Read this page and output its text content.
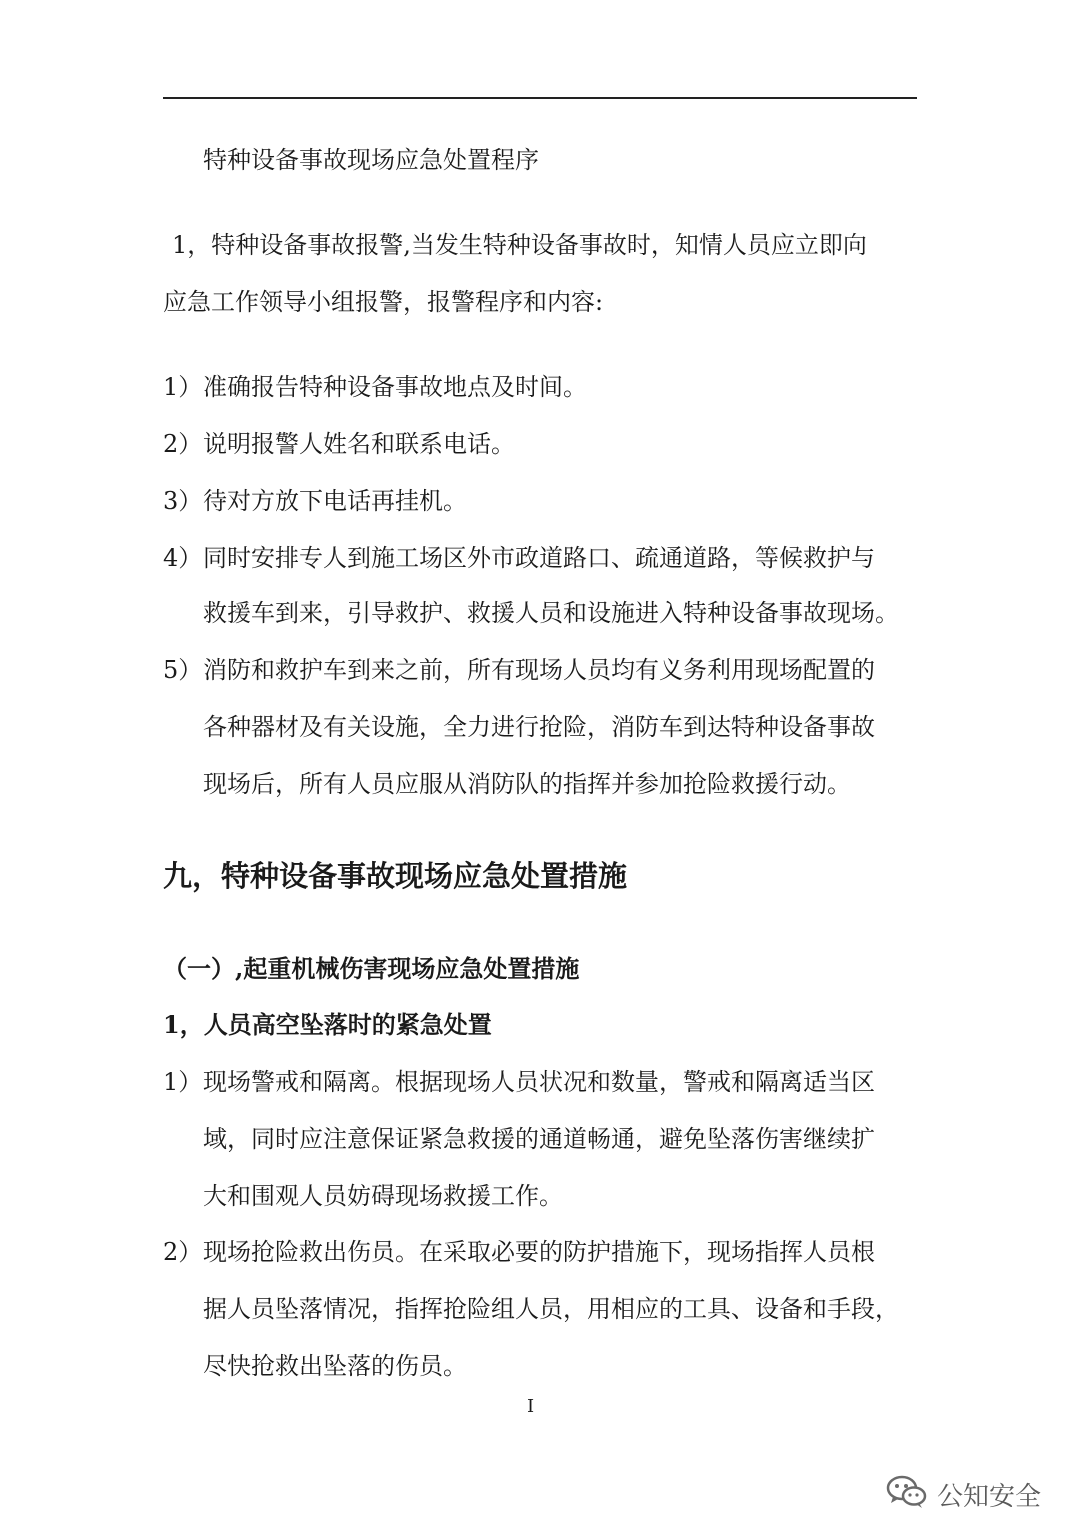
特种设备事故现场应急处置程序
1，特种设备事故报警,当发生特种设备事故时，知情人员应立即向
应急工作领导小组报警，报警程序和内容:
1） 准确报告特种设备事故地点及时间。
2） 说明报警人姓名和联系电话。
3） 待对方放下电话再挂机。
4） 同时安排专人到施工场区外市政道路口、疏通道路，等候救护与
救援车到来，引导救护、救援人员和设施进入特种设备事故现场。
5） 消防和救护车到来之前，所有现场人员均有义务利用现场配置的
各种器材及有关设施，全力进行抢险，消防车到达特种设备事故
现场后，所有人员应服从消防队的指挥并参加抢险救援行动。
九，特种设备事故现场应急处置措施
（一）,起重机械伤害现场应急处置措施
1，人员高空坠落时的紧急处置
1） 现场警戒和隔离。根据现场人员状况和数量，警戒和隔离适当区
域，同时应注意保证紧急救援的通道畅通，避免坠落伤害继续扩
大和围观人员妨碍现场救援工作。
2） 现场抢险救出伤员。在采取必要的防护措施下，现场指挥人员根
据人员坠落情况，指挥抢险组人员，用相应的工具、设备和手段，
尽快抢救出坠落的伤员。
I
公知安全
